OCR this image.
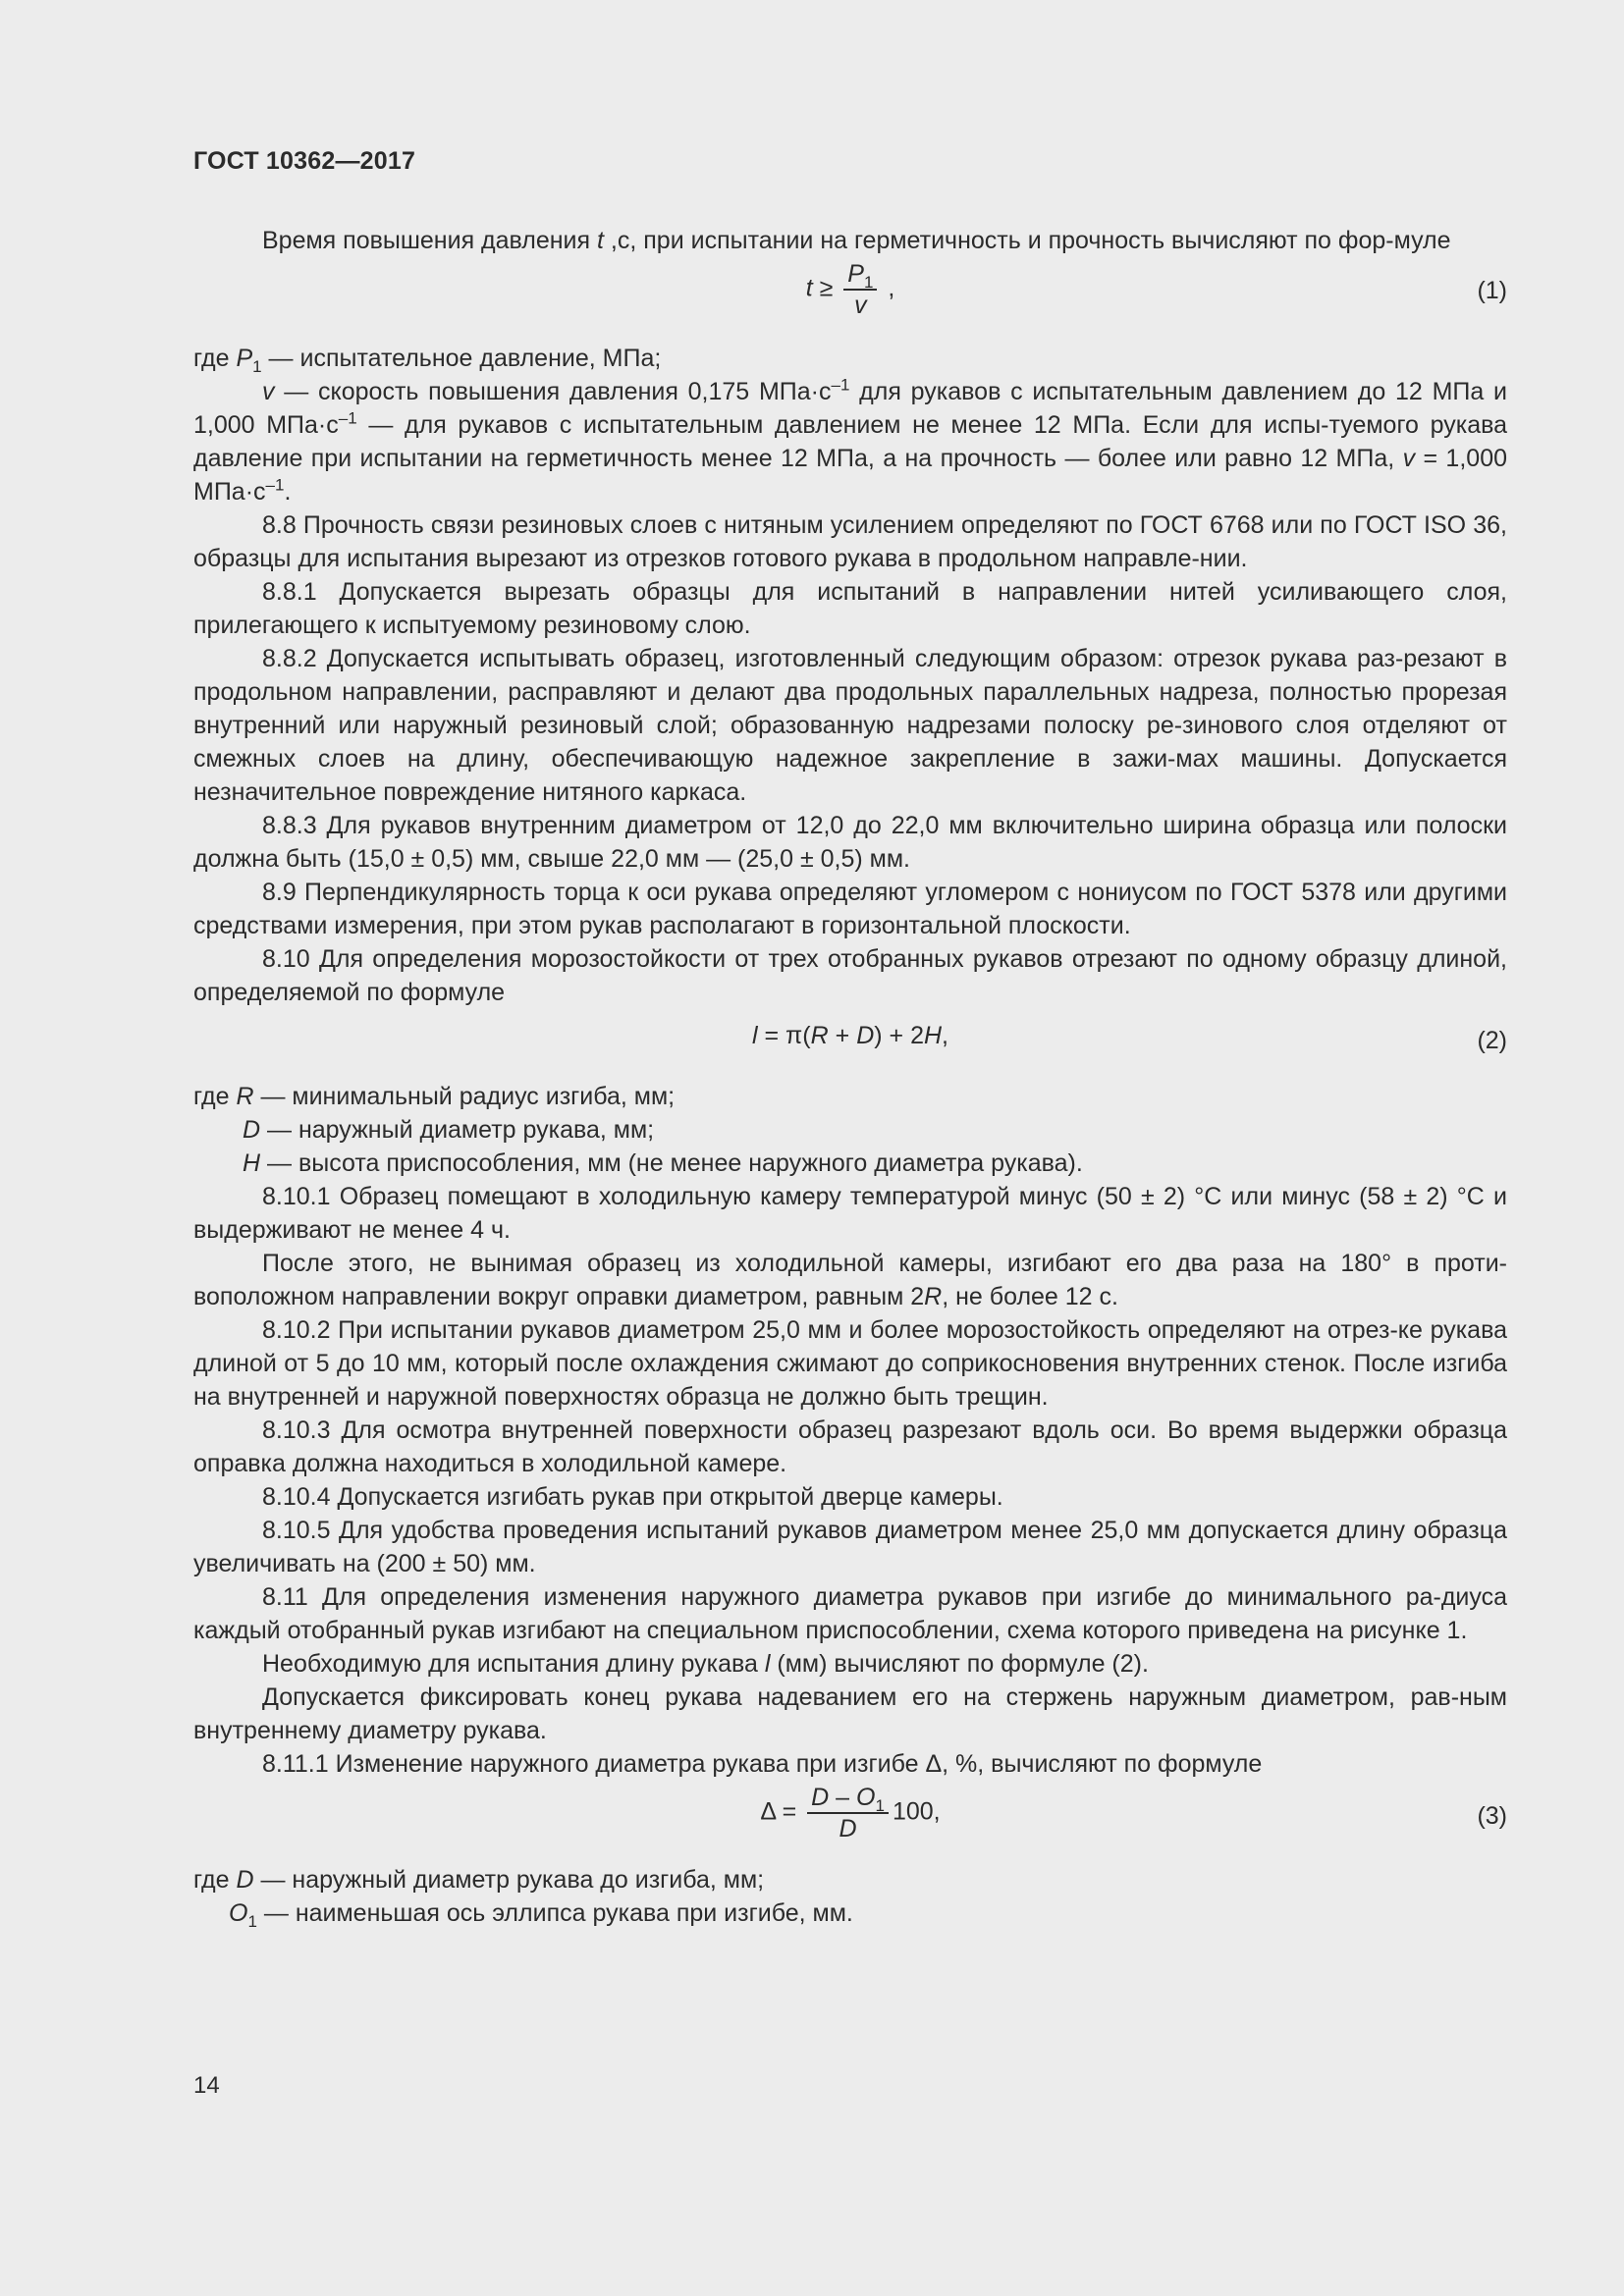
ГОСТ 10362—2017

Время повышения давления t ,с, при испытании на герметичность и прочность вычисляют по фор-муле

$t \ge \frac{P_1}{v}$ ,	(1)

где $P_1$ — испытательное давление, МПа;

v — скорость повышения давления 0,175 $МПа\cdot с^{-1}$ для рукавов с испытательным давлением до 12 МПа и 1,000 $МПа\cdot с^{-1}$ — для рукавов с испытательным давлением не менее 12 МПа. Если для испы-туемого рукава давление при испытании на герметичность менее 12 МПа, а на прочность — более или равно 12 МПа, v = 1,000 $МПа\cdot с^{-1}$.

8.8 Прочность связи резиновых слоев с нитяным усилением определяют по ГОСТ 6768 или по ГОСТ ISO 36, образцы для испытания вырезают из отрезков готового рукава в продольном направле-нии.

8.8.1 Допускается вырезать образцы для испытаний в направлении нитей усиливающего слоя, прилегающего к испытуемому резиновому слою.

8.8.2 Допускается испытывать образец, изготовленный следующим образом: отрезок рукава раз-резают в продольном направлении, расправляют и делают два продольных параллельных надреза, полностью прорезая внутренний или наружный резиновый слой; образованную надрезами полоску ре-зинового слоя отделяют от смежных слоев на длину, обеспечивающую надежное закрепление в зажи-мах машины. Допускается незначительное повреждение нитяного каркаса.

8.8.3 Для рукавов внутренним диаметром от 12,0 до 22,0 мм включительно ширина образца или полоски должна быть (15,0 ± 0,5) мм, свыше 22,0 мм — (25,0 ± 0,5) мм.

8.9 Перпендикулярность торца к оси рукава определяют угломером с нониусом по ГОСТ 5378 или другими средствами измерения, при этом рукав располагают в горизонтальной плоскости.

8.10 Для определения морозостойкости от трех отобранных рукавов отрезают по одному образцу длиной, определяемой по формуле

l = π(R + D) + 2H,	(2)

где R — минимальный радиус изгиба, мм;

D — наружный диаметр рукава, мм;

H — высота приспособления, мм (не менее наружного диаметра рукава).

8.10.1 Образец помещают в холодильную камеру температурой минус (50 ± 2) °С или минус (58 ± 2) °С и выдерживают не менее 4 ч.

После этого, не вынимая образец из холодильной камеры, изгибают его два раза на 180° в проти-воположном направлении вокруг оправки диаметром, равным 2R, не более 12 с.

8.10.2 При испытании рукавов диаметром 25,0 мм и более морозостойкость определяют на отрез-ке рукава длиной от 5 до 10 мм, который после охлаждения сжимают до соприкосновения внутренних стенок. После изгиба на внутренней и наружной поверхностях образца не должно быть трещин.

8.10.3 Для осмотра внутренней поверхности образец разрезают вдоль оси. Во время выдержки образца оправка должна находиться в холодильной камере.

8.10.4 Допускается изгибать рукав при открытой дверце камеры.

8.10.5 Для удобства проведения испытаний рукавов диаметром менее 25,0 мм допускается длину образца увеличивать на (200 ± 50) мм.

8.11 Для определения изменения наружного диаметра рукавов при изгибе до минимального ра-диуса каждый отобранный рукав изгибают на специальном приспособлении, схема которого приведена на рисунке 1.

Необходимую для испытания длину рукава l (мм) вычисляют по формуле (2).

Допускается фиксировать конец рукава надеванием его на стержень наружным диаметром, рав-ным внутреннему диаметру рукава.

8.11.1 Изменение наружного диаметра рукава при изгибе Δ, %, вычисляют по формуле

$\Delta = \frac{D - O_1}{D} 100$,	(3)

где D — наружный диаметр рукава до изгиба, мм;

$O_1$ — наименьшая ось эллипса рукава при изгибе, мм.

14
